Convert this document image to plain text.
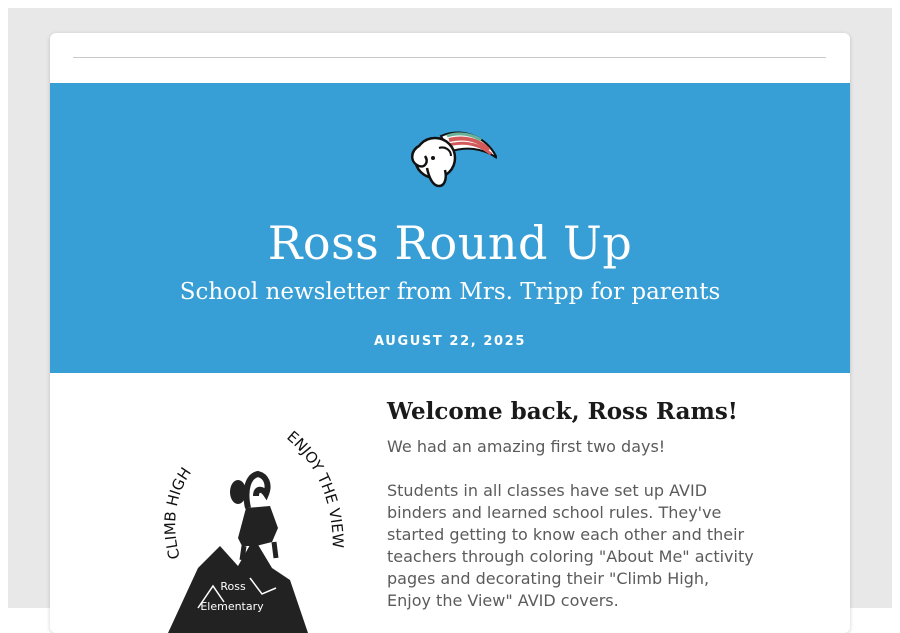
Ross Round Up
School newsletter from Mrs. Tripp for parents
AUGUST 22, 2025
CLIMB HIGH
ENJOY THE VIEW
Ross
Elementary
Welcome back, Ross Rams!

We had an amazing first two days!

Students in all classes have set up AVID binders and learned school rules. They've started getting to know each other and their teachers through coloring "About Me" activity pages and decorating their "Climb High, Enjoy the View" AVID covers.
